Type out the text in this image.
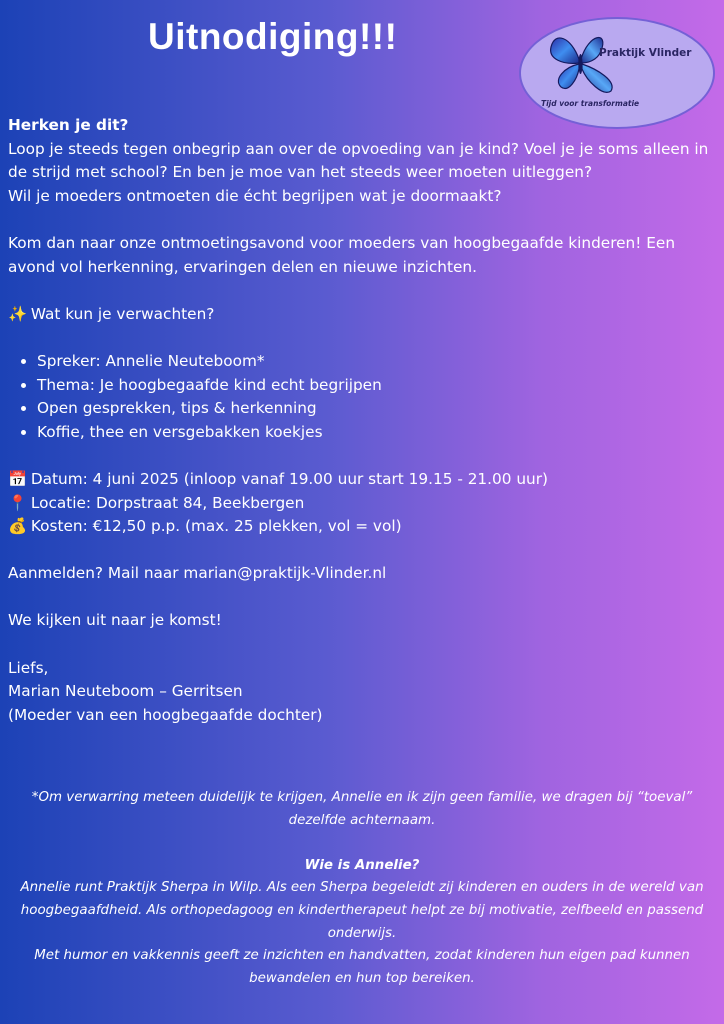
Uitnodiging!!!	Praktijk Vlinder
Tijd voor transformatie

Herken je dit?

Loop je steeds tegen onbegrip aan over de opvoeding van je kind? Voel je je soms alleen in

de strijd met school? En ben je moe van het steeds weer moeten uitleggen?

Wil je moeders ontmoeten die écht begrijpen wat je doormaakt?

Kom dan naar onze ontmoetingsavond voor moeders van hoogbegaafde kinderen! Een

avond vol herkenning, ervaringen delen en nieuwe inzichten.

✨ Wat kun je verwachten?

• Spreker: Annelie Neuteboom*
• Thema: Je hoogbegaafde kind echt begrijpen
• Open gesprekken, tips & herkenning
• Koffie, thee en versgebakken koekjes

📅 Datum: 4 juni 2025 (inloop vanaf 19.00 uur start 19.15 - 21.00 uur)

📍 Locatie: Dorpstraat 84, Beekbergen

💰 Kosten: €12,50 p.p. (max. 25 plekken, vol = vol)

Aanmelden? Mail naar marian@praktijk-Vlinder.nl

We kijken uit naar je komst!

Liefs,

Marian Neuteboom – Gerritsen

(Moeder van een hoogbegaafde dochter)

*Om verwarring meteen duidelijk te krijgen, Annelie en ik zijn geen familie, we dragen bij “toeval” dezelfde achternaam.

Wie is Annelie?

Annelie runt Praktijk Sherpa in Wilp. Als een Sherpa begeleidt zij kinderen en ouders in de wereld van hoogbegaafdheid. Als orthopedagoog en kindertherapeut helpt ze bij motivatie, zelfbeeld en passend onderwijs.

Met humor en vakkennis geeft ze inzichten en handvatten, zodat kinderen hun eigen pad kunnen bewandelen en hun top bereiken.
